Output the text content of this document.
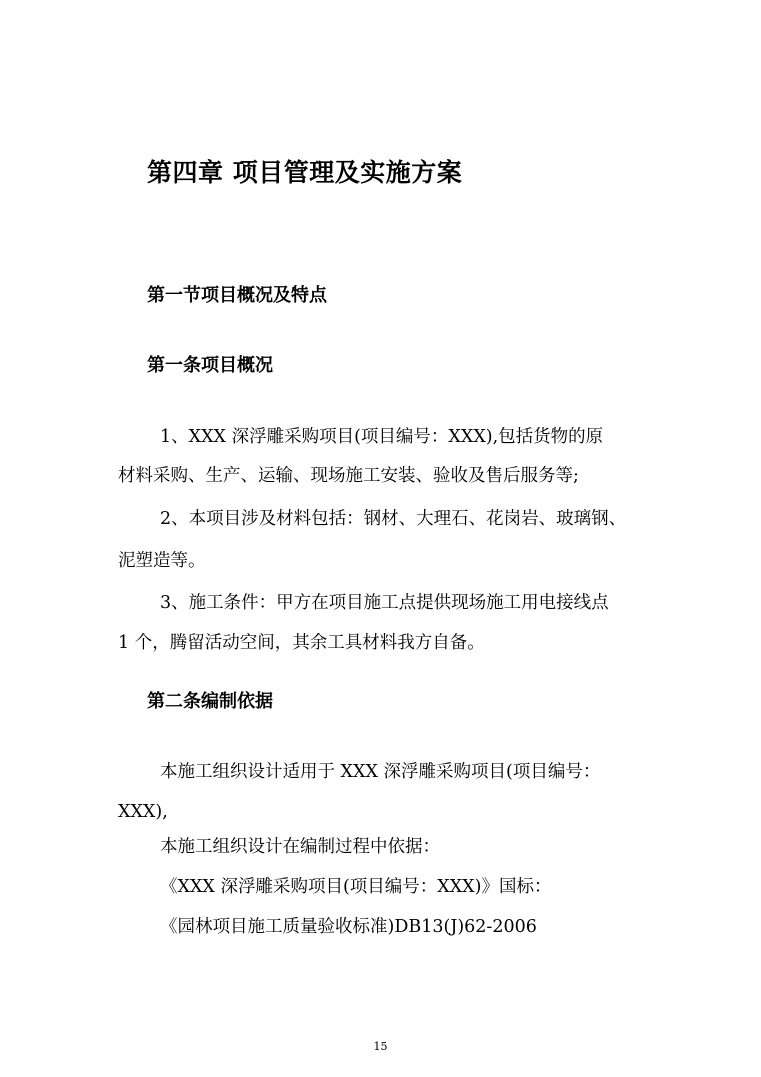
第四章 项目管理及实施方案
第一节项目概况及特点
第一条项目概况
1、XXX 深浮雕采购项目(项目编号：XXX),包括货物的原
材料采购、生产、运输、现场施工安装、验收及售后服务等;
2、本项目涉及材料包括：钢材、大理石、花岗岩、玻璃钢、
泥塑造等。
3、施工条件：甲方在项目施工点提供现场施工用电接线点
1 个，腾留活动空间，其余工具材料我方自备。
第二条编制依据
本施工组织设计适用于 XXX 深浮雕采购项目(项目编号：
XXX),
本施工组织设计在编制过程中依据：
《XXX 深浮雕采购项目(项目编号：XXX)》国标：
《园林项目施工质量验收标准)DB13(J)62-2006
15
